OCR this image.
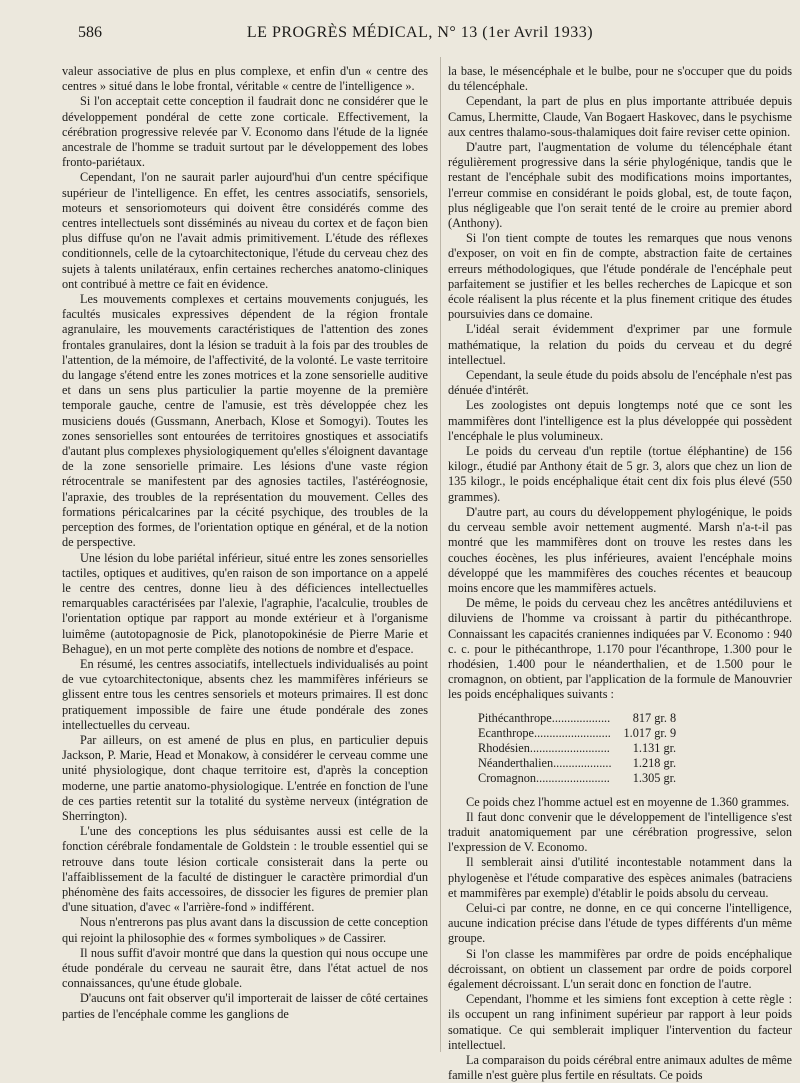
586	LE PROGRÈS MÉDICAL, N° 13 (1er Avril 1933)

valeur associative de plus en plus complexe, et enfin d'un « centre des centres » situé dans le lobe frontal, véritable « centre de l'intelligence ».

Si l'on acceptait cette conception il faudrait donc ne considérer que le développement pondéral de cette zone corticale. Effectivement, la cérébration progressive relevée par V. Economo dans l'étude de la lignée ancestrale de l'homme se traduit surtout par le développement des lobes fronto-pariétaux.

Cependant, l'on ne saurait parler aujourd'hui d'un centre spécifique supérieur de l'intelligence. En effet, les centres associatifs, sensoriels, moteurs et sensoriomoteurs qui doivent être considérés comme des centres intellectuels sont disséminés au niveau du cortex et de façon bien plus diffuse qu'on ne l'avait admis primitivement. L'étude des réflexes conditionnels, celle de la cytoarchitectonique, l'étude du cerveau chez des sujets à talents unilatéraux, enfin certaines recherches anatomo-cliniques ont contribué à mettre ce fait en évidence.

Les mouvements complexes et certains mouvements conjugués, les facultés musicales expressives dépendent de la région frontale agranulaire, les mouvements caractéristiques de l'attention des zones frontales granulaires, dont la lésion se traduit à la fois par des troubles de l'attention, de la mémoire, de l'affectivité, de la volonté. Le vaste territoire du langage s'étend entre les zones motrices et la zone sensorielle auditive et dans un sens plus particulier la partie moyenne de la première temporale gauche, centre de l'amusie, est très développée chez les musiciens doués (Gussmann, Anerbach, Klose et Somogyi). Toutes les zones sensorielles sont entourées de territoires gnostiques et associatifs d'autant plus complexes physiologiquement qu'elles s'éloignent davantage de la zone sensorielle primaire. Les lésions d'une vaste région rétrocentrale se manifestent par des agnosies tactiles, l'astéréognosie, l'apraxie, des troubles de la représentation du mouvement. Celles des formations péricalcarines par la cécité psychique, des troubles de la perception des formes, de l'orientation optique en général, et de la notion de perspective.

Une lésion du lobe pariétal inférieur, situé entre les zones sensorielles tactiles, optiques et auditives, qu'en raison de son importance on a appelé le centre des centres, donne lieu à des déficiences intellectuelles remarquables caractérisées par l'alexie, l'agraphie, l'acalculie, troubles de l'orientation optique par rapport au monde extérieur et à l'organisme luimême (autotopagnosie de Pick, planotopokinésie de Pierre Marie et Behague), en un mot perte complète des notions de nombre et d'espace.

En résumé, les centres associatifs, intellectuels individualisés au point de vue cytoarchitectonique, absents chez les mammifères inférieurs se glissent entre tous les centres sensoriels et moteurs primaires. Il est donc pratiquement impossible de faire une étude pondérale des zones intellectuelles du cerveau.

Par ailleurs, on est amené de plus en plus, en particulier depuis Jackson, P. Marie, Head et Monakow, à considérer le cerveau comme une unité physiologique, dont chaque territoire est, d'après la conception moderne, une partie anatomo-physiologique. L'entrée en fonction de l'une de ces parties retentit sur la totalité du système nerveux (intégration de Sherrington).

L'une des conceptions les plus séduisantes aussi est celle de la fonction cérébrale fondamentale de Goldstein : le trouble essentiel qui se retrouve dans toute lésion corticale consisterait dans la perte ou l'affaiblissement de la faculté de distinguer le caractère primordial d'un phénomène des faits accessoires, de dissocier les figures de premier plan d'une situation, d'avec « l'arrière-fond » indifférent.

Nous n'entrerons pas plus avant dans la discussion de cette conception qui rejoint la philosophie des « formes symboliques » de Cassirer.

Il nous suffit d'avoir montré que dans la question qui nous occupe une étude pondérale du cerveau ne saurait être, dans l'état actuel de nos connaissances, qu'une étude globale.

D'aucuns ont fait observer qu'il importerait de laisser de côté certaines parties de l'encéphale comme les ganglions de

la base, le mésencéphale et le bulbe, pour ne s'occuper que du poids du télencéphale.

Cependant, la part de plus en plus importante attribuée depuis Camus, Lhermitte, Claude, Van Bogaert Haskovec, dans le psychisme aux centres thalamo-sous-thalamiques doit faire reviser cette opinion.

D'autre part, l'augmentation de volume du télencéphale étant régulièrement progressive dans la série phylogénique, tandis que le restant de l'encéphale subit des modifications moins importantes, l'erreur commise en considérant le poids global, est, de toute façon, plus négligeable que l'on serait tenté de le croire au premier abord (Anthony).

Si l'on tient compte de toutes les remarques que nous venons d'exposer, on voit en fin de compte, abstraction faite de certaines erreurs méthodologiques, que l'étude pondérale de l'encéphale peut parfaitement se justifier et les belles recherches de Lapicque et son école réalisent la plus récente et la plus finement critique des études poursuivies dans ce domaine.

L'idéal serait évidemment d'exprimer par une formule mathématique, la relation du poids du cerveau et du degré intellectuel.

Cependant, la seule étude du poids absolu de l'encéphale n'est pas dénuée d'intérêt.

Les zoologistes ont depuis longtemps noté que ce sont les mammifères dont l'intelligence est la plus développée qui possèdent l'encéphale le plus volumineux.

Le poids du cerveau d'un reptile (tortue éléphantine) de 156 kilogr., étudié par Anthony était de 5 gr. 3, alors que chez un lion de 135 kilogr., le poids encéphalique était cent dix fois plus élevé (550 grammes).

D'autre part, au cours du développement phylogénique, le poids du cerveau semble avoir nettement augmenté. Marsh n'a-t-il pas montré que les mammifères dont on trouve les restes dans les couches éocènes, les plus inférieures, avaient l'encéphale moins développé que les mammifères des couches récentes et beaucoup moins encore que les mammifères actuels.

De même, le poids du cerveau chez les ancêtres antédiluviens et diluviens de l'homme va croissant à partir du pithécanthrope. Connaissant les capacités craniennes indiquées par V. Economo : 940 c. c. pour le pithécanthrope, 1.170 pour l'écanthrope, 1.300 pour le rhodésien, 1.400 pour le néanderthalien, et de 1.500 pour le cromagnon, on obtient, par l'application de la formule de Manouvrier les poids encéphaliques suivants :

Pithécanthrope...................	817 gr. 8
Ecanthrope.........................	1.017 gr. 9
Rhodésien..........................	1.131 gr.
Néanderthalien...................	1.218 gr.
Cromagnon........................	1.305 gr.

Ce poids chez l'homme actuel est en moyenne de 1.360 grammes.

Il faut donc convenir que le développement de l'intelligence s'est traduit anatomiquement par une cérébration progressive, selon l'expression de V. Economo.

Il semblerait ainsi d'utilité incontestable notamment dans la phylogenèse et l'étude comparative des espèces animales (batraciens et mammifères par exemple) d'établir le poids absolu du cerveau.

Celui-ci par contre, ne donne, en ce qui concerne l'intelligence, aucune indication précise dans l'étude de types différents d'un même groupe.

Si l'on classe les mammifères par ordre de poids encéphalique décroissant, on obtient un classement par ordre de poids corporel également décroissant. L'un serait donc en fonction de l'autre.

Cependant, l'homme et les simiens font exception à cette règle : ils occupent un rang infiniment supérieur par rapport à leur poids somatique. Ce qui semblerait impliquer l'intervention du facteur intellectuel.

La comparaison du poids cérébral entre animaux adultes de même famille n'est guère plus fertile en résultats. Ce poids
